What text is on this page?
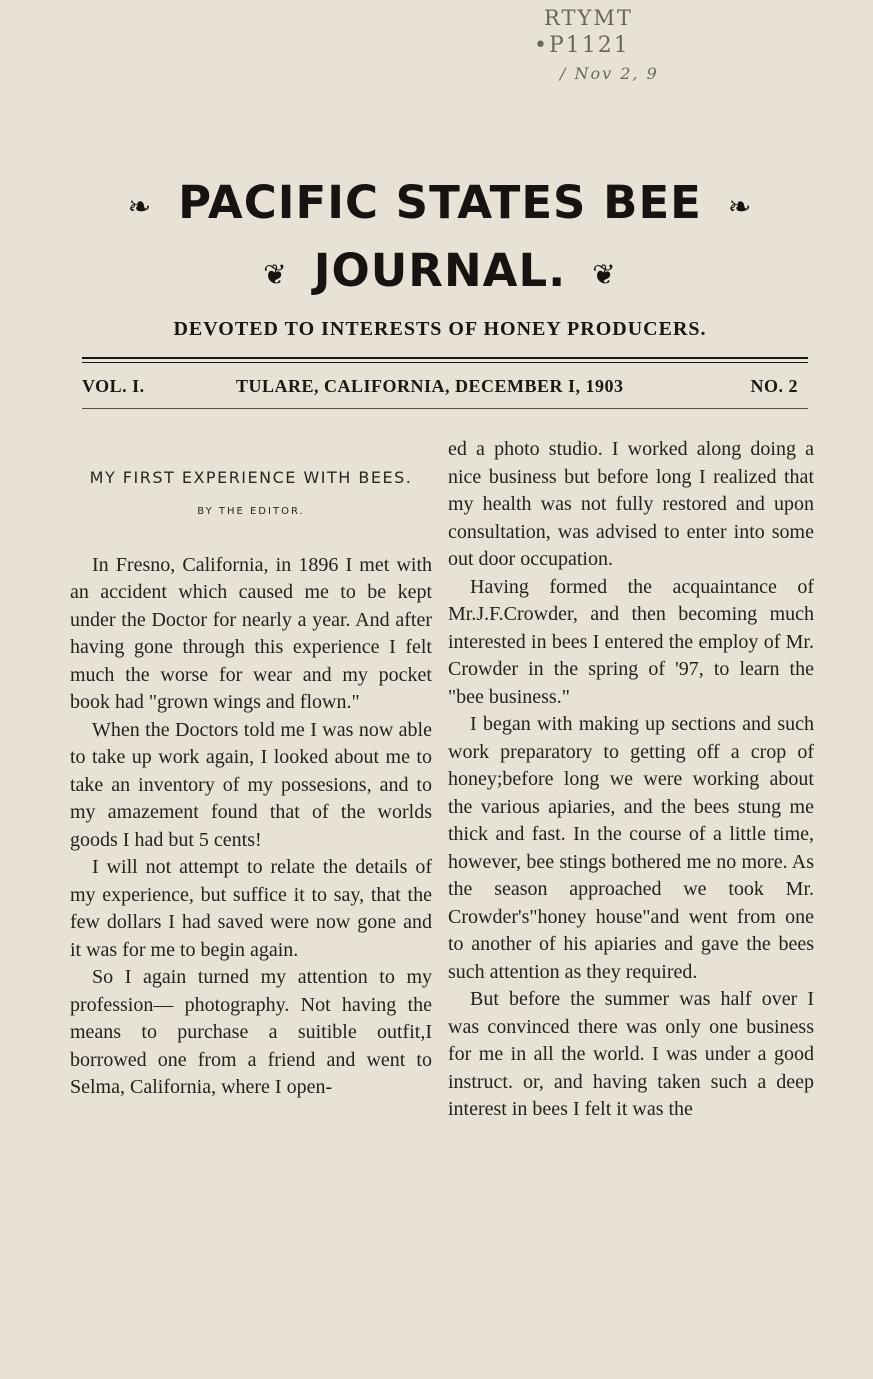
RTYMT
•P1121
/ Nov 2, 9
❧ PACIFIC STATES BEE ❧
❦ JOURNAL. ❦
DEVOTED TO INTERESTS OF HONEY PRODUCERS.
VOL. I.	TULARE, CALIFORNIA, DECEMBER I, 1903	NO. 2
MY FIRST EXPERIENCE WITH BEES.
BY THE EDITOR.

In Fresno, California, in 1896 I met with an accident which caused me to be kept under the Doctor for nearly a year. And after having gone through this experience I felt much the worse for wear and my pocket book had "grown wings and flown."

When the Doctors told me I was now able to take up work again, I looked about me to take an inventory of my possesions, and to my amazement found that of the worlds goods I had but 5 cents!

I will not attempt to relate the details of my experience, but suffice it to say, that the few dollars I had saved were now gone and it was for me to begin again.

So I again turned my attention to my profession— photography. Not having the means to purchase a suitible outfit,I borrowed one from a friend and went to Selma, California, where I open-

ed a photo studio. I worked along doing a nice business but before long I realized that my health was not fully restored and upon consultation, was advised to enter into some out door occupation.

Having formed the acquaintance of Mr.J.F.Crowder, and then becoming much interested in bees I entered the employ of Mr. Crowder in the spring of '97, to learn the "bee business."

I began with making up sections and such work preparatory to getting off a crop of honey;before long we were working about the various apiaries, and the bees stung me thick and fast. In the course of a little time, however, bee stings bothered me no more. As the season approached we took Mr. Crowder's"honey house"and went from one to another of his apiaries and gave the bees such attention as they required.

But before the summer was half over I was convinced there was only one business for me in all the world. I was under a good instruct. or, and having taken such a deep interest in bees I felt it was the
